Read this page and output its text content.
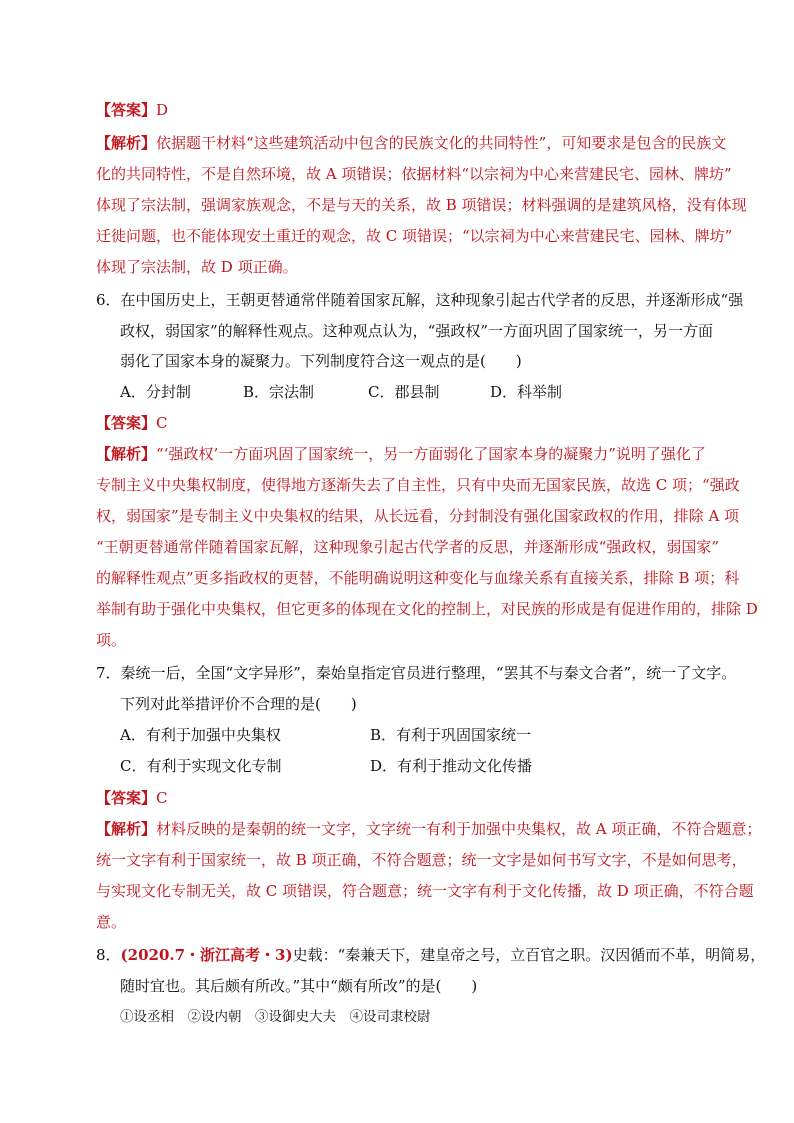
【答案】D
【解析】依据题干材料“这些建筑活动中包含的民族文化的共同特性”，可知要求是包含的民族文
化的共同特性，不是自然环境，故 A 项错误；依据材料“以宗祠为中心来营建民宅、园林、牌坊”
体现了宗法制，强调家族观念，不是与天的关系，故 B 项错误；材料强调的是建筑风格，没有体现
迁徙问题，也不能体现安土重迁的观念，故 C 项错误；“以宗祠为中心来营建民宅、园林、牌坊”
体现了宗法制，故 D 项正确。
6．在中国历史上，王朝更替通常伴随着国家瓦解，这种现象引起古代学者的反思，并逐渐形成“强
政权，弱国家”的解释性观点。这种观点认为，“强政权”一方面巩固了国家统一，另一方面
弱化了国家本身的凝聚力。下列制度符合这一观点的是(　　)
A．分封制	B．宗法制	C．郡县制	D．科举制
【答案】C
【解析】“‘强政权’一方面巩固了国家统一，另一方面弱化了国家本身的凝聚力”说明了强化了
专制主义中央集权制度，使得地方逐渐失去了自主性，只有中央而无国家民族，故选 C 项；“强政
权，弱国家”是专制主义中央集权的结果，从长远看，分封制没有强化国家政权的作用，排除 A 项
“王朝更替通常伴随着国家瓦解，这种现象引起古代学者的反思，并逐渐形成“强政权，弱国家”
的解释性观点”更多指政权的更替，不能明确说明这种变化与血缘关系有直接关系，排除 B 项；科
举制有助于强化中央集权，但它更多的体现在文化的控制上，对民族的形成是有促进作用的，排除 D
项。
7．秦统一后，全国“文字异形”，秦始皇指定官员进行整理，“罢其不与秦文合者”，统一了文字。
下列对此举措评价不合理的是(　　)
A．有利于加强中央集权	B．有利于巩固国家统一
C．有利于实现文化专制	D．有利于推动文化传播
【答案】C
【解析】材料反映的是秦朝的统一文字，文字统一有利于加强中央集权，故 A 项正确，不符合题意；
统一文字有利于国家统一，故 B 项正确，不符合题意；统一文字是如何书写文字，不是如何思考，
与实现文化专制无关，故 C 项错误，符合题意；统一文字有利于文化传播，故 D 项正确，不符合题
意。
8．(2020.7・浙江高考・3)史载：“秦兼天下，建皇帝之号，立百官之职。汉因循而不革，明简易，
随时宜也。其后颇有所改。”其中“颇有所改”的是(　　)
①设丞相　②设内朝　③设御史大夫　④设司隶校尉
